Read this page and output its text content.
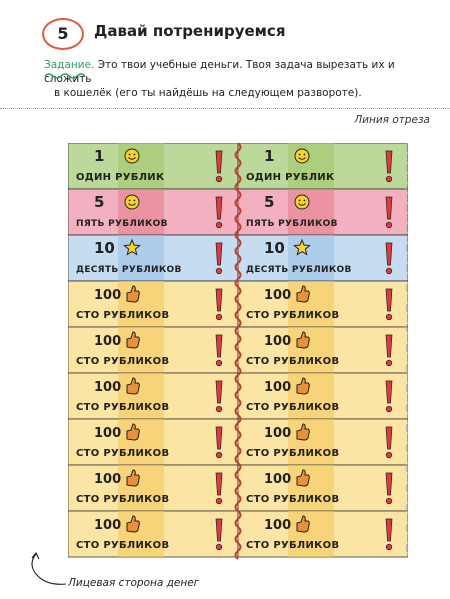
5	Давай потренируемся
Задание. Это твои учебные деньги. Твоя задача вырезать их и сложить
в кошелёк (его ты найдёшь на следующем развороте).
Линия отреза
1
ОДИН РУБЛИК
1
ОДИН РУБЛИК
5
ПЯТЬ РУБЛИКОВ
5
ПЯТЬ РУБЛИКОВ
10
ДЕСЯТЬ РУБЛИКОВ
10
ДЕСЯТЬ РУБЛИКОВ
100
СТО РУБЛИКОВ
100
СТО РУБЛИКОВ
100
СТО РУБЛИКОВ
100
СТО РУБЛИКОВ
100
СТО РУБЛИКОВ
100
СТО РУБЛИКОВ
100
СТО РУБЛИКОВ
100
СТО РУБЛИКОВ
100
СТО РУБЛИКОВ
100
СТО РУБЛИКОВ
100
СТО РУБЛИКОВ
100
СТО РУБЛИКОВ
Лицевая сторона денег
